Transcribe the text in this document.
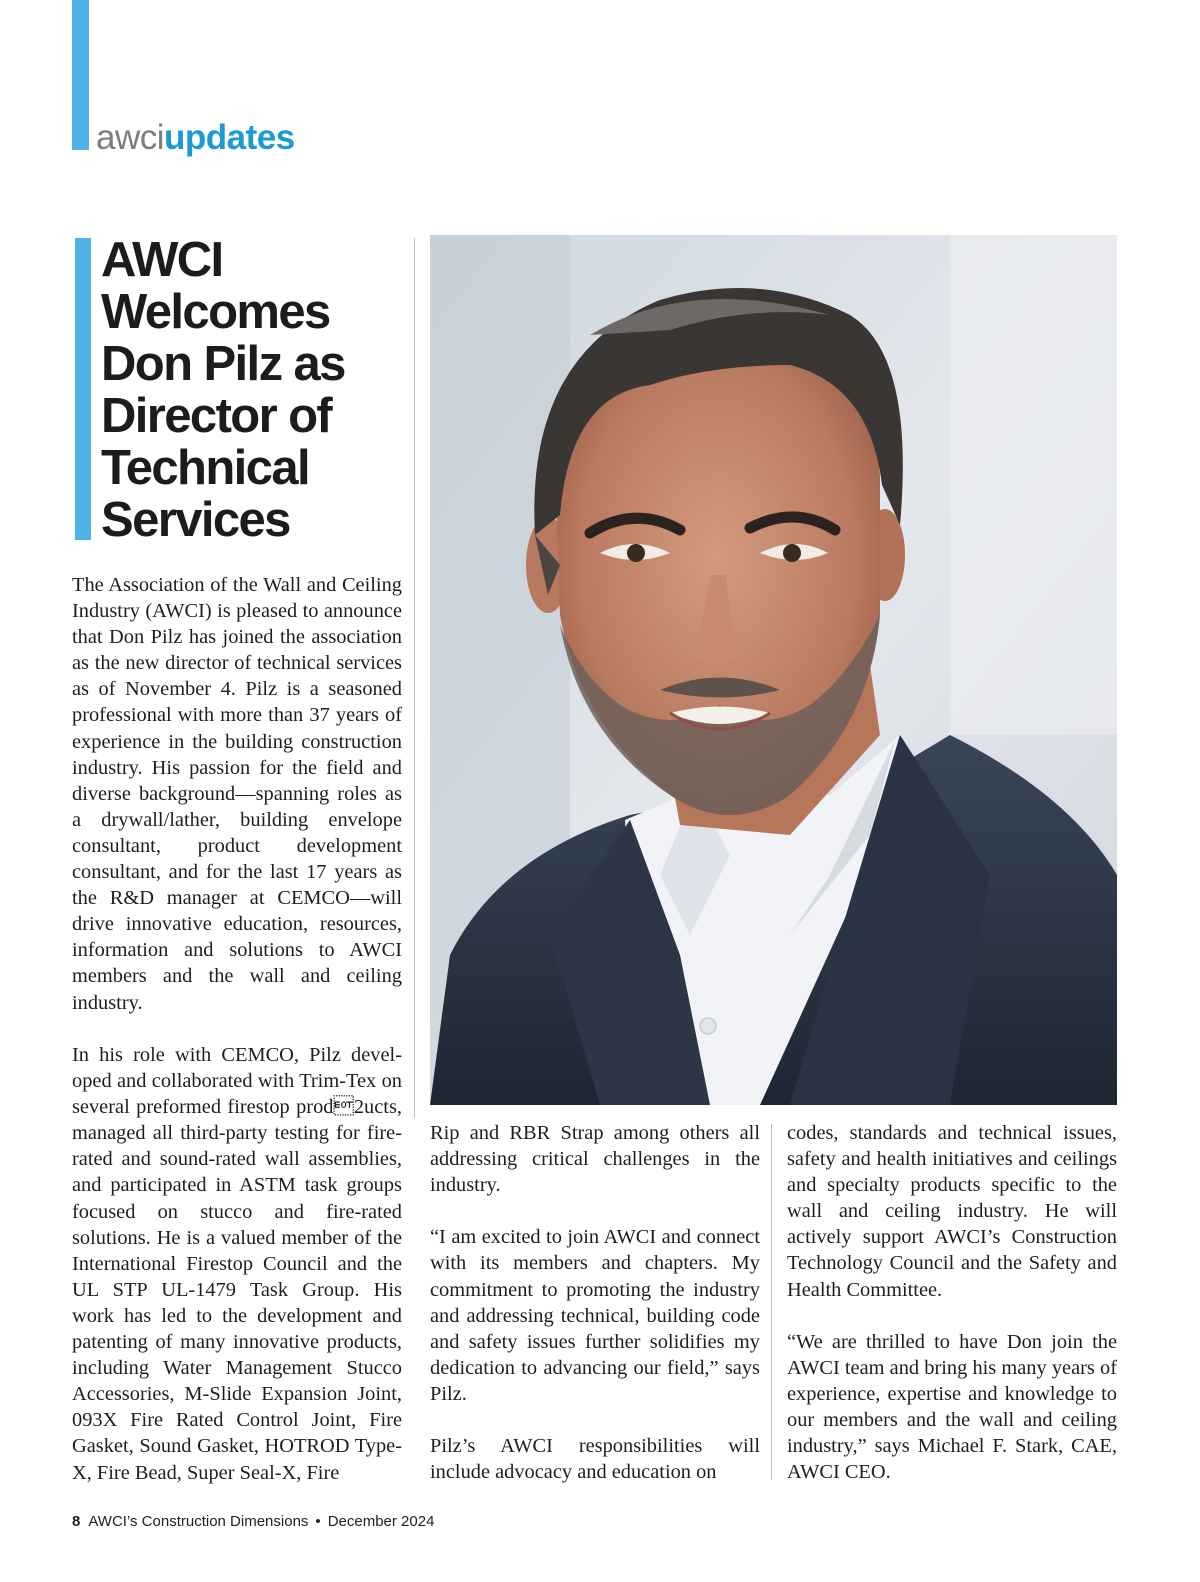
awciupdates
AWCI Welcomes Don Pilz as Director of Technical Services

The Association of the Wall and Ceiling Industry (AWCI) is pleased to announce that Don Pilz has joined the association as the new director of technical services as of November 4. Pilz is a seasoned professional with more than 37 years of experience in the building construction industry. His passion for the field and diverse background—spanning roles as a drywall/​lather, building envelope consultant, product development consultant, and for the last 17 years as the R&D manager at CEMCO—will drive innovative education, resources, information and solutions to AWCI members and the wall and ceiling industry.

In his role with CEMCO, Pilz developed and collaborated with Trim-Tex on several preformed firestop prod2ucts, managed all third-party testing for fire-rated and sound-rated wall assemblies, and participated in ASTM task groups focused on stucco and fire-rated solutions. He is a valued member of the International Firestop Council and the UL STP UL-1479 Task Group. His work has led to the development and patenting of many innovative products, including Water Management Stucco Accessories, M-Slide Expansion Joint, 093X Fire Rated Control Joint, Fire Gasket, Sound Gasket, HOTROD Type-X, Fire Bead, Super Seal-X, Fire

Rip and RBR Strap among others all addressing critical challenges in the industry.

“I am excited to join AWCI and connect with its members and chapters. My commitment to promoting the industry and addressing technical, building code and safety issues further solidifies my dedication to advancing our field,” says Pilz.

Pilz’s AWCI responsibilities will include advocacy and education on

codes, standards and technical issues, safety and health initiatives and ceilings and specialty products specific to the wall and ceiling industry. He will actively support AWCI’s Construction Technology Council and the Safety and Health Committee.

“We are thrilled to have Don join the AWCI team and bring his many years of experience, expertise and knowledge to our members and the wall and ceiling industry,” says Michael F. Stark, CAE, AWCI CEO.

8 AWCI’s Construction Dimensions • December 2024
